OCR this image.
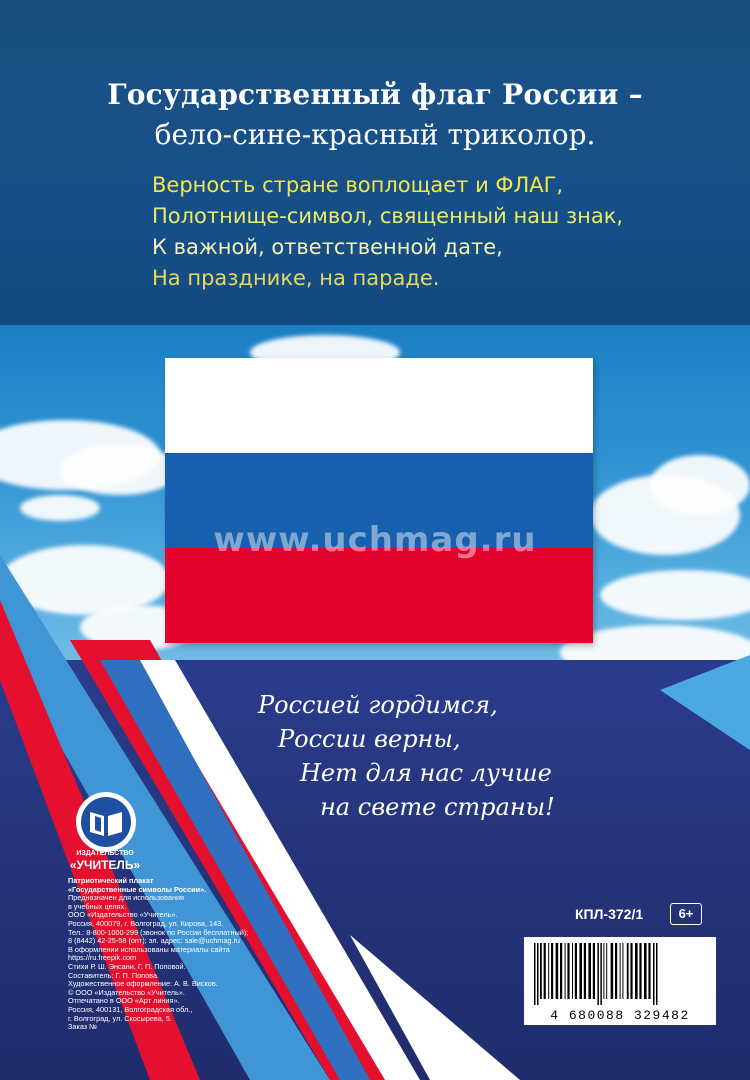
Государственный флаг России –
бело-сине-красный триколор.
Верность стране воплощает и ФЛАГ,
Полотнище-символ, священный наш знак,
К важной, ответственной дате,
На празднике, на параде.
www.uchmag.ru
Россией гордимся,
России верны,
Нет для нас лучше
на свете страны!
ИЗДАТЕЛЬСТВО
«УЧИТЕЛЬ»
Патриотический плакат
«Государственные символы России».
Предназначен для использования
в учебных целях.
ООО «Издательство «Учитель».
Россия, 400079, г. Волгоград, ул. Кирова, 143.
Тел.: 8-800-1000-299 (звонок по России бесплатный);
8 (8442) 42-25-58 (опт); эл. адрес: sale@uchmag.ru
В оформлении использованы материалы сайта
https://ru.freepik.com
Стихи Р. Ш. Энсани, Г. П. Поповой.
Составитель: Г. П. Попова.
Художественное оформление: А. В. Висков.
© ООО «Издательство «Учитель».
Отпечатано в ООО «Арт линия».
Россия, 400131, Волгоградская обл.,
г. Волгоград, ул. Скосырева, 5.
Заказ №
КПЛ-372/1	6+
4 680088 329482
